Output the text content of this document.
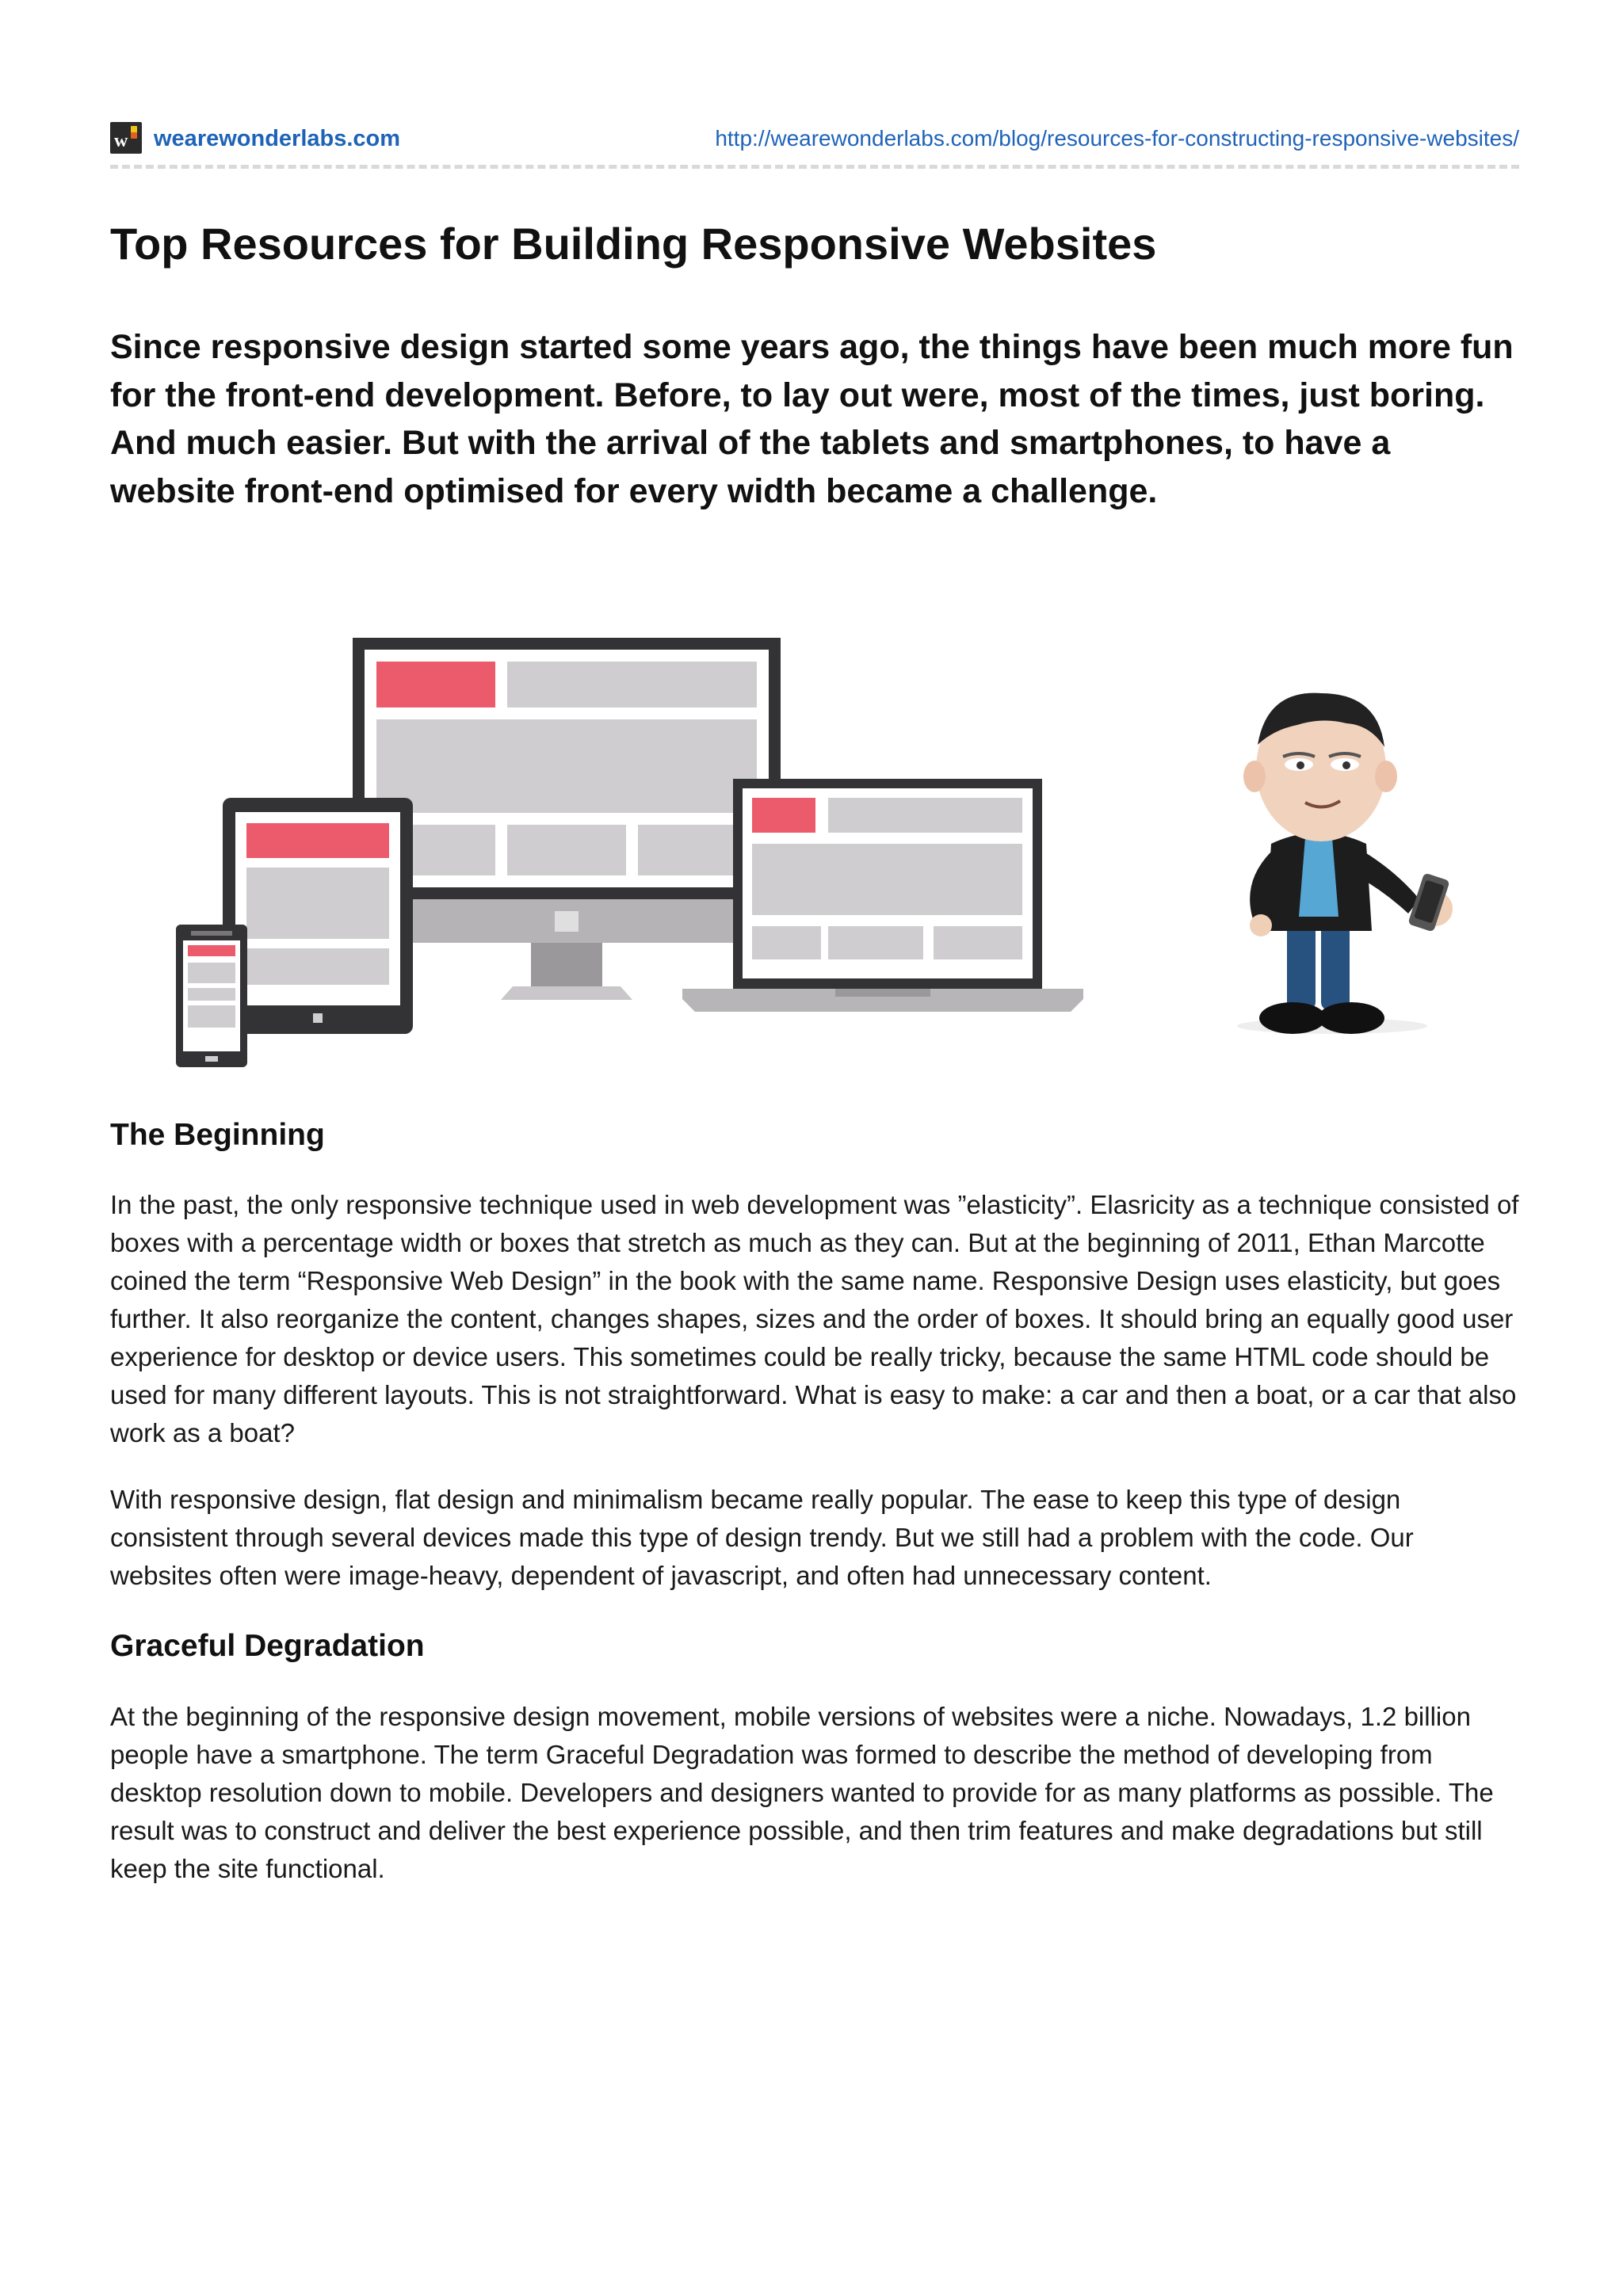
w wearewonderlabs.com	http://wearewonderlabs.com/blog/resources-for-constructing-responsive-websites/
Top Resources for Building Responsive Websites

Since responsive design started some years ago, the things have been much more fun for the front-end development. Before, to lay out were, most of the times, just boring. And much easier. But with the arrival of the tablets and smartphones, to have a website front-end optimised for every width became a challenge.

The Beginning

In the past, the only responsive technique used in web development was ”elasticity”. Elasricity as a technique consisted of boxes with a percentage width or boxes that stretch as much as they can. But at the beginning of 2011, Ethan Marcotte coined the term “Responsive Web Design” in the book with the same name. Responsive Design uses elasticity, but goes further. It also reorganize the content, changes shapes, sizes and the order of boxes. It should bring an equally good user experience for desktop or device users. This sometimes could be really tricky, because the same HTML code should be used for many different layouts. This is not straightforward. What is easy to make: a car and then a boat, or a car that also work as a boat?

With responsive design, flat design and minimalism became really popular. The ease to keep this type of design consistent through several devices made this type of design trendy. But we still had a problem with the code. Our websites often were image-heavy, dependent of javascript, and often had unnecessary content.

Graceful Degradation

At the beginning of the responsive design movement, mobile versions of websites were a niche. Nowadays, 1.2 billion people have a smartphone. The term Graceful Degradation was formed to describe the method of developing from desktop resolution down to mobile. Developers and designers wanted to provide for as many platforms as possible. The result was to construct and deliver the best experience possible, and then trim features and make degradations but still keep the site functional.
